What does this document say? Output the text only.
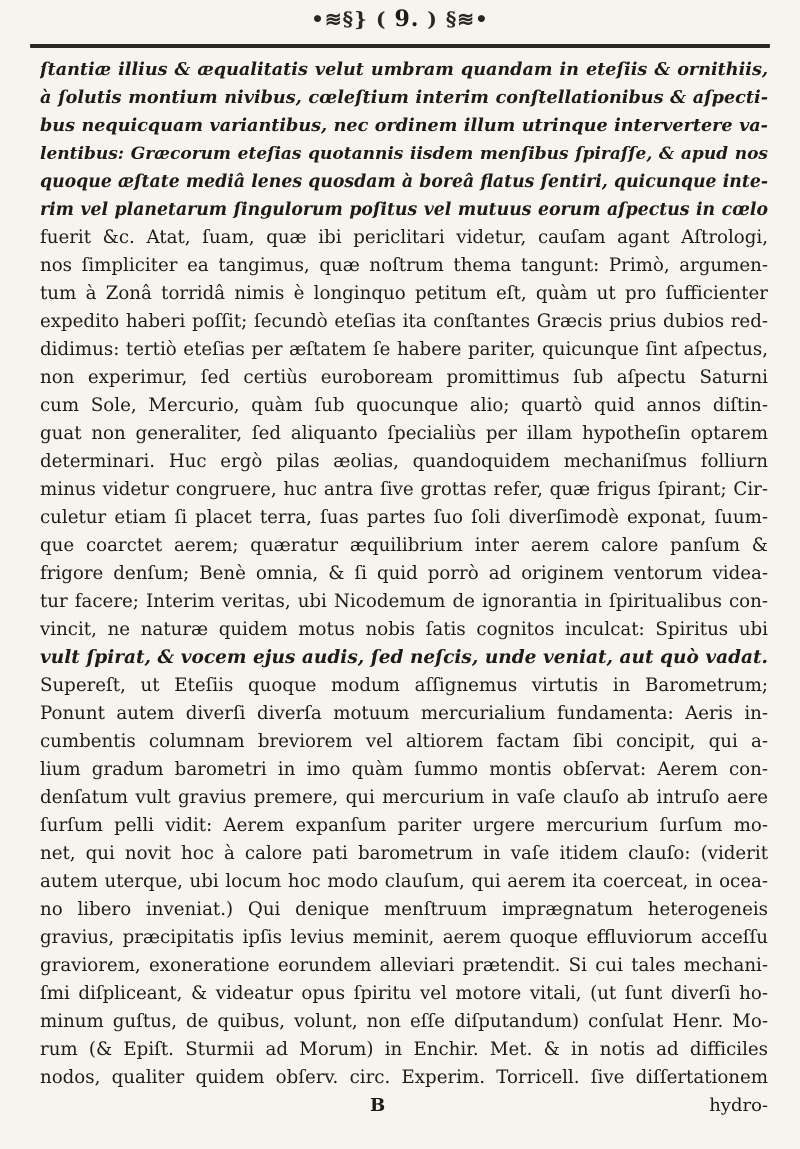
•≋§} ( 9. ) §≋•
ſtantiæ illius & æqualitatis velut umbram quandam in eteſiis & ornithiis,
à ſolutis montium nivibus, cœleſtium interim conſtellationibus & aſpecti-
bus nequicquam variantibus, nec ordinem illum utrinque intervertere va-
lentibus: Græcorum eteſias quotannis iisdem menſibus ſpiraſſe, & apud nos
quoque æſtate mediâ lenes quosdam à boreâ flatus ſentiri, quicunque inte-
rim vel planetarum ſingulorum poſitus vel mutuus eorum aſpectus in cœlo
fuerit &c. Atat, ſuam, quæ ibi periclitari videtur, cauſam agant Aſtrologi,
nos ſimpliciter ea tangimus, quæ noſtrum thema tangunt: Primò, argumen-
tum à Zonâ torridâ nimis è longinquo petitum eſt, quàm ut pro ſufficienter
expedito haberi poſſit; ſecundò eteſias ita conſtantes Græcis prius dubios red-
didimus: tertiò eteſias per æſtatem ſe habere pariter, quicunque ſint aſpectus,
non experimur, ſed certiùs euroboream promittimus ſub aſpectu Saturni
cum Sole, Mercurio, quàm ſub quocunque alio; quartò quid annos diſtin-
guat non generaliter, ſed aliquanto ſpecialiùs per illam hypotheſin optarem
determinari. Huc ergò pilas æolias, quandoquidem mechaniſmus folliurn
minus videtur congruere, huc antra ſive grottas refer, quæ frigus ſpirant; Cir-
culetur etiam ſi placet terra, ſuas partes ſuo ſoli diverſimodè exponat, ſuum-
que coarctet aerem; quæratur æquilibrium inter aerem calore panſum &
frigore denſum; Benè omnia, & ſi quid porrò ad originem ventorum videa-
tur facere; Interim veritas, ubi Nicodemum de ignorantia in ſpiritualibus con-
vincit, ne naturæ quidem motus nobis ſatis cognitos inculcat: Spiritus ubi
vult ſpirat, & vocem ejus audis, ſed neſcis, unde veniat, aut quò vadat.
Supereſt, ut Eteſiis quoque modum aſſignemus virtutis in Barometrum;
Ponunt autem diverſi diverſa motuum mercurialium fundamenta: Aeris in-
cumbentis columnam breviorem vel altiorem factam ſibi concipit, qui a-
lium gradum barometri in imo quàm ſummo montis obſervat: Aerem con-
denſatum vult gravius premere, qui mercurium in vaſe clauſo ab intruſo aere
ſurſum pelli vidit: Aerem expanſum pariter urgere mercurium ſurſum mo-
net, qui novit hoc à calore pati barometrum in vaſe itidem clauſo: (viderit
autem uterque, ubi locum hoc modo clauſum, qui aerem ita coerceat, in ocea-
no libero inveniat.) Qui denique menſtruum imprægnatum heterogeneis
gravius, præcipitatis ipſis levius meminit, aerem quoque effluviorum acceſſu
graviorem, exoneratione eorundem alleviari prætendit. Si cui tales mechani-
ſmi diſpliceant, & videatur opus ſpiritu vel motore vitali, (ut ſunt diverſi ho-
minum guſtus, de quibus, volunt, non eſſe diſputandum) conſulat Henr. Mo-
rum (& Epiſt. Sturmii ad Morum) in Enchir. Met. & in notis ad difficiles
nodos, qualiter quidem obſerv. circ. Experim. Torricell. ſive diſſertationem
B	hydro-
